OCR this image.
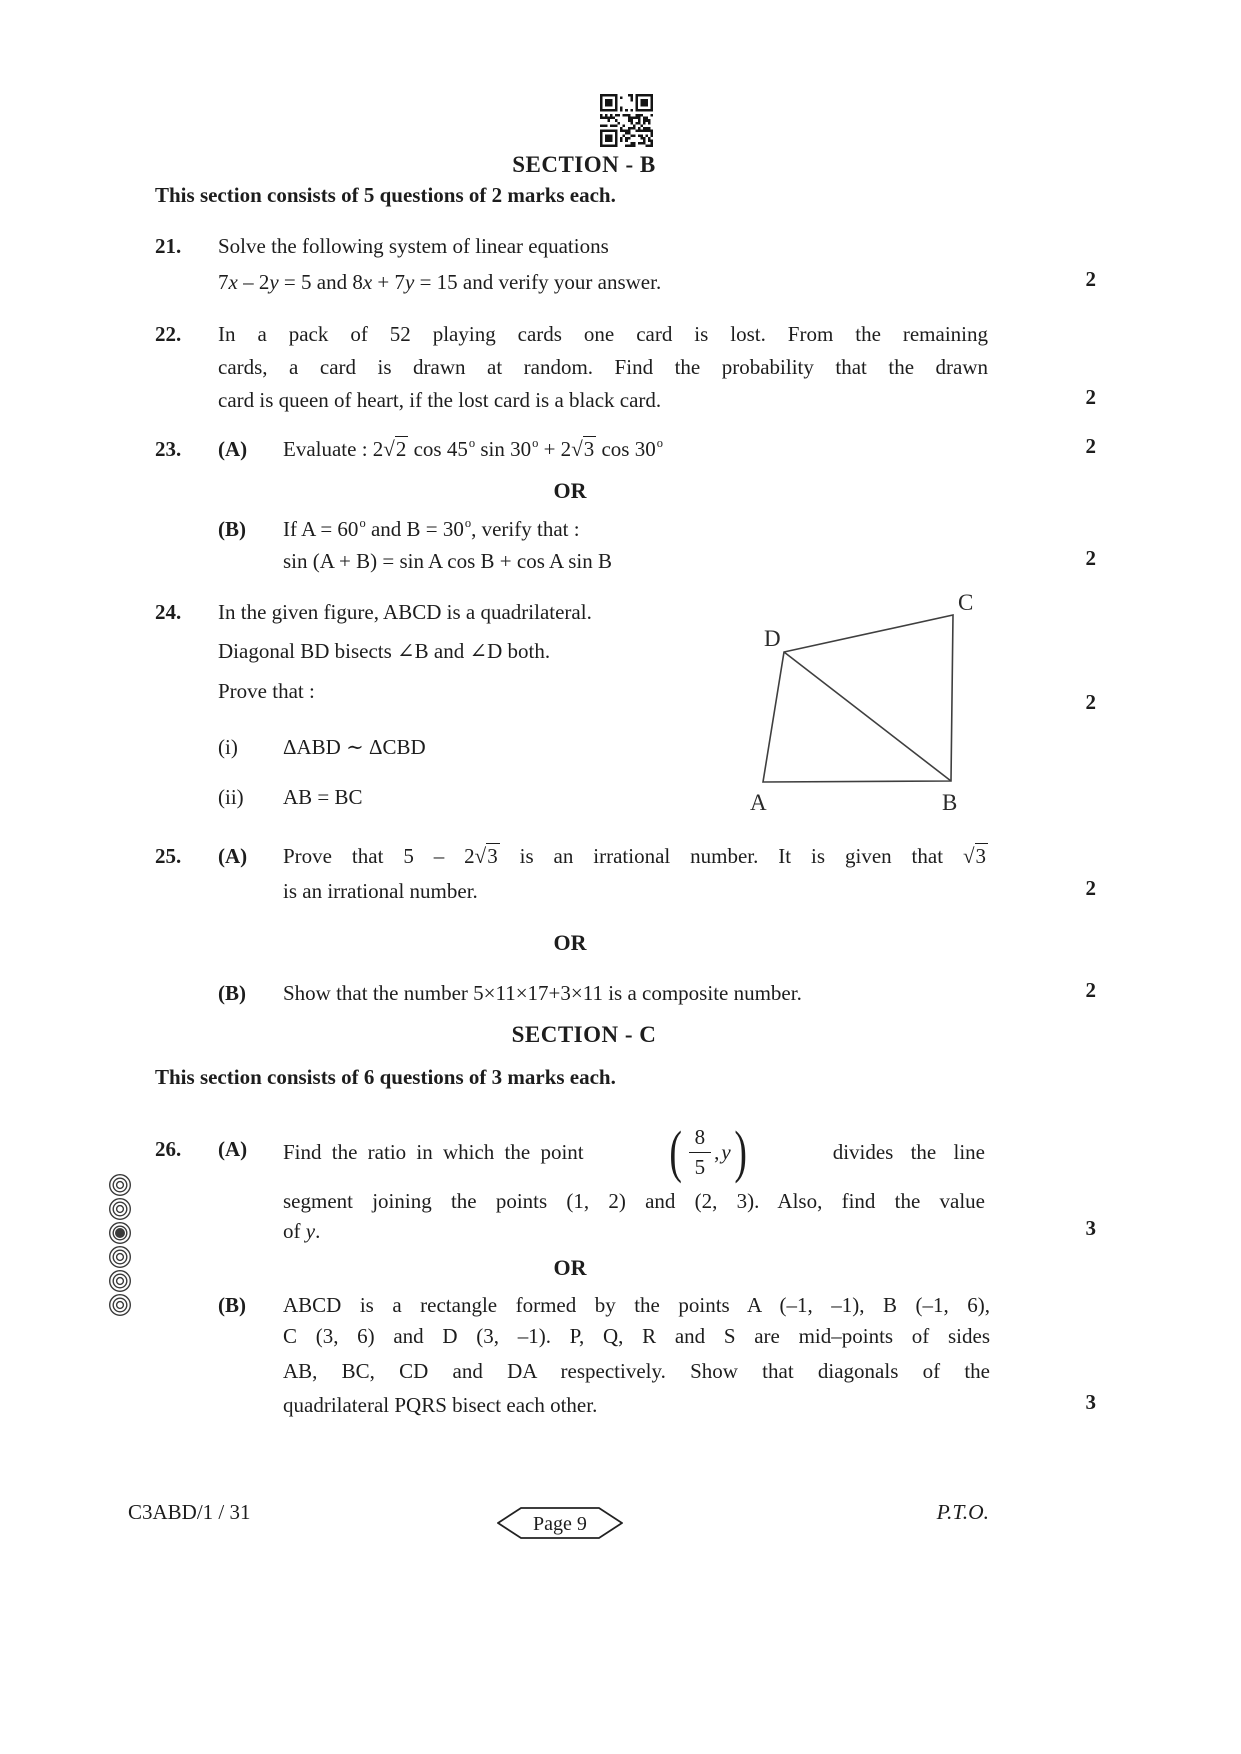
SECTION - B
This section consists of 5 questions of 2 marks each.
21. Solve the following system of linear equations
7x – 2y = 5 and 8x + 7y = 15 and verify your answer.	2
22. In a pack of 52 playing cards one card is lost. From the remaining
cards, a card is drawn at random. Find the probability that the drawn
card is queen of heart, if the lost card is a black card.	2
23. (A) Evaluate : 2√2 cos 45$^o$ $\sin 30^o + 2√3$ cos 30$^o$	2
OR
(B) If $A = 60^o$ and $B = 30^o$, verify that :
sin (A + B) = sin A cos B + cos A sin B	2
24. In the given figure, ABCD is a quadrilateral.
Diagonal BD bisects ∠B and ∠D both.
Prove that :	2
(i) ΔABD ∼ ΔCBD
(ii) AB = BC	A	B
C
D
25. (A) Prove that 5 – 2√3 is an irrational number. It is given that √3
is an irrational number.	2
OR
(B) Show that the number 5×11×17+3×11 is a composite number.	2
SECTION - C
This section consists of 6 questions of 3 marks each.
26. (A) Find the ratio in which the point ( 8
5
, y )	divides the line
segment joining the points (1, 2) and (2, 3). Also, find the value
of y.	3
OR
(B) ABCD is a rectangle formed by the points A (–1, –1), B (–1, 6),
C (3, 6) and D (3, –1). P, Q, R and S are mid–points of sides
AB, BC, CD and DA respectively. Show that diagonals of the
quadrilateral PQRS bisect each other.	3
C3ABD/1 / 31	Page 9	P.T.O.
